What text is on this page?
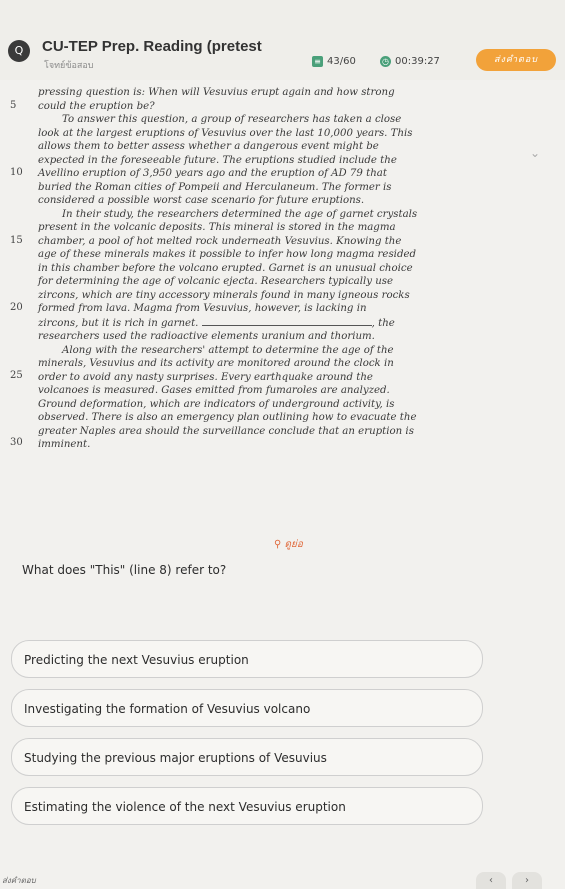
Q	CU-TEP Prep. Reading (pretest
โจทย์ข้อสอบ	≡ 43/60	◷ 00:39:27	ส่งคำตอบ

pressing question is: When will Vesuvius erupt again and how strong

could the eruption be?

To answer this question, a group of researchers has taken a close

look at the largest eruptions of Vesuvius over the last 10,000 years. This

allows them to better assess whether a dangerous event might be

expected in the foreseeable future. The eruptions studied include the

Avellino eruption of 3,950 years ago and the eruption of AD 79 that

buried the Roman cities of Pompeii and Herculaneum. The former is

considered a possible worst case scenario for future eruptions.

In their study, the researchers determined the age of garnet crystals

present in the volcanic deposits. This mineral is stored in the magma

chamber, a pool of hot melted rock underneath Vesuvius. Knowing the

age of these minerals makes it possible to infer how long magma resided

in this chamber before the volcano erupted. Garnet is an unusual choice

for determining the age of volcanic ejecta. Researchers typically use

zircons, which are tiny accessory minerals found in many igneous rocks

formed from lava. Magma from Vesuvius, however, is lacking in

zircons, but it is rich in garnet.	, the

researchers used the radioactive elements uranium and thorium.

Along with the researchers' attempt to determine the age of the

minerals, Vesuvius and its activity are monitored around the clock in

order to avoid any nasty surprises. Every earthquake around the

volcanoes is measured. Gases emitted from fumaroles are analyzed.

Ground deformation, which are indicators of underground activity, is

observed. There is also an emergency plan outlining how to evacuate the

greater Naples area should the surveillance conclude that an eruption is

imminent.

⌄
⚲ ดูย่อ
What does "This" (line 8) refer to?
Predicting the next Vesuvius eruption
Investigating the formation of Vesuvius volcano
Studying the previous major eruptions of Vesuvius
Estimating the violence of the next Vesuvius eruption
ส่งคำตอบ	‹	›
5
10
15
20
25
30
